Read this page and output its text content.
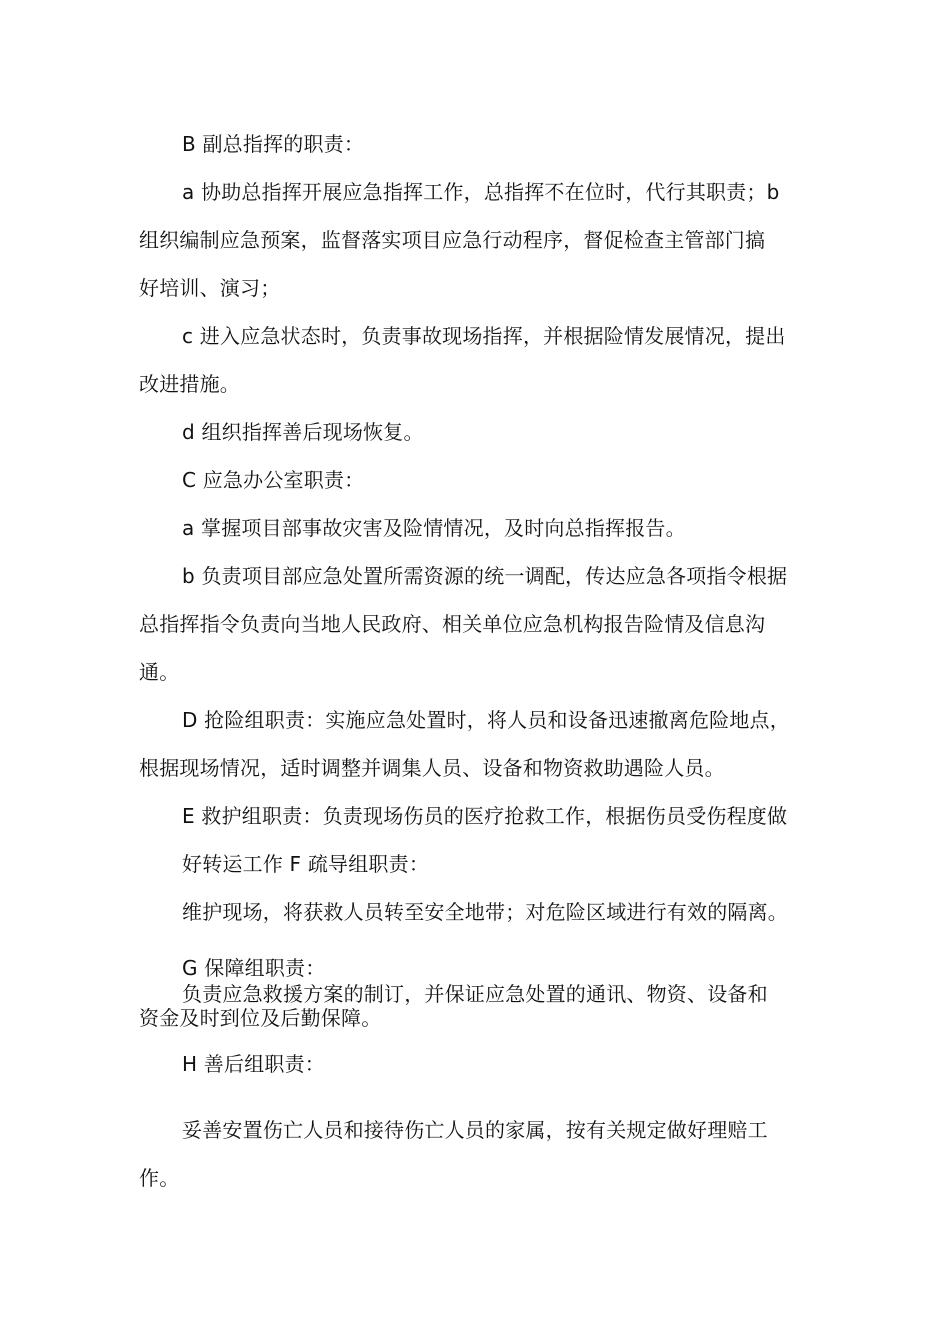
B 副总指挥的职责：
a 协助总指挥开展应急指挥工作，总指挥不在位时，代行其职责；b
组织编制应急预案，监督落实项目应急行动程序，督促检查主管部门搞
好培训、演习；
c 进入应急状态时，负责事故现场指挥，并根据险情发展情况，提出
改进措施。
d 组织指挥善后现场恢复。
C 应急办公室职责：
a 掌握项目部事故灾害及险情情况，及时向总指挥报告。
b 负责项目部应急处置所需资源的统一调配，传达应急各项指令根据
总指挥指令负责向当地人民政府、相关单位应急机构报告险情及信息沟
通。
D 抢险组职责：实施应急处置时，将人员和设备迅速撤离危险地点，
根据现场情况，适时调整并调集人员、设备和物资救助遇险人员。
E 救护组职责：负责现场伤员的医疗抢救工作，根据伤员受伤程度做
好转运工作 F 疏导组职责：
维护现场，将获救人员转至安全地带；对危险区域进行有效的隔离。
G 保障组职责：
负责应急救援方案的制订，并保证应急处置的通讯、物资、设备和
资金及时到位及后勤保障。
H 善后组职责：
妥善安置伤亡人员和接待伤亡人员的家属，按有关规定做好理赔工
作。
